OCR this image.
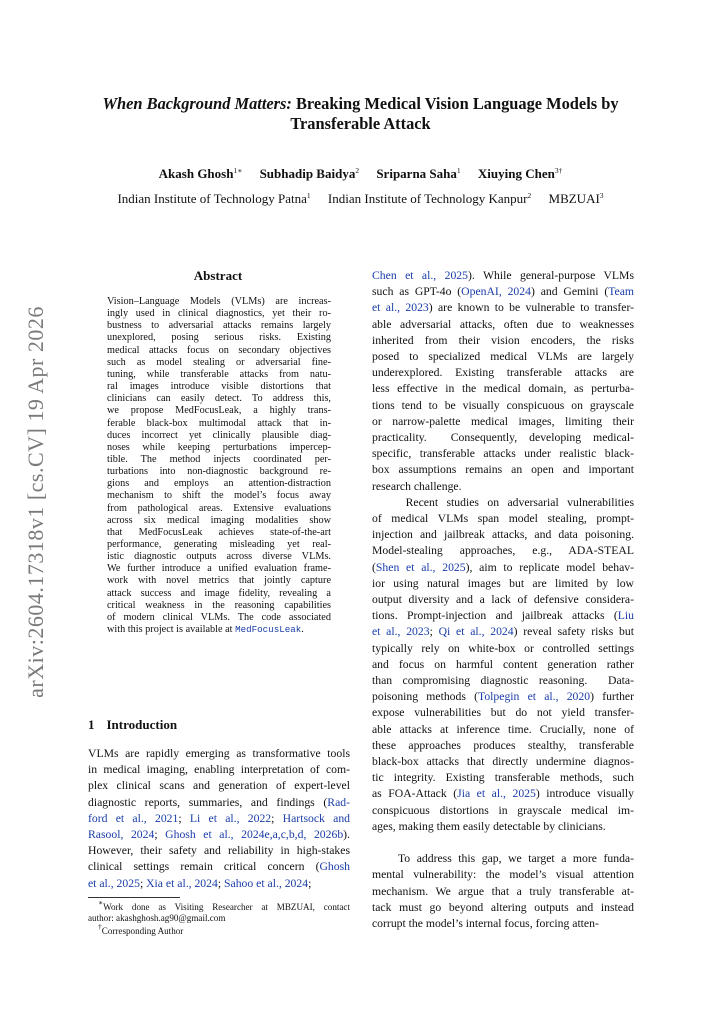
arXiv:2604.17318v1 [cs.CV] 19 Apr 2026
When Background Matters: Breaking Medical Vision Language Models by
Transferable Attack
Akash Ghosh$^{1∗}$ Subhadip Baidya$^2$ Sriparna Saha$^1$ Xiuying Chen$^{3\dagger}$
Indian Institute of Technology Patna$^1$ Indian Institute of Technology Kanpur$^2$ MBZUAI$^3$
Abstract
Vision–Language Models (VLMs) are increas-
ingly used in clinical diagnostics, yet their ro-
bustness to adversarial attacks remains largely
unexplored, posing serious risks. Existing
medical attacks focus on secondary objectives
such as model stealing or adversarial fine-
tuning, while transferable attacks from natu-
ral images introduce visible distortions that
clinicians can easily detect. To address this,
we propose MedFocusLeak, a highly trans-
ferable black-box multimodal attack that in-
duces incorrect yet clinically plausible diag-
noses while keeping perturbations impercep-
tible. The method injects coordinated per-
turbations into non-diagnostic background re-
gions and employs an attention-distraction
mechanism to shift the model’s focus away
from pathological areas. Extensive evaluations
across six medical imaging modalities show
that MedFocusLeak achieves state-of-the-art
performance, generating misleading yet real-
istic diagnostic outputs across diverse VLMs.
We further introduce a unified evaluation frame-
work with novel metrics that jointly capture
attack success and image fidelity, revealing a
critical weakness in the reasoning capabilities
of modern clinical VLMs. The code associated
with this project is available at MedFocusLeak.
1 Introduction
VLMs are rapidly emerging as transformative tools
in medical imaging, enabling interpretation of com-
plex clinical scans and generation of expert-level
diagnostic reports, summaries, and findings (Rad-
ford et al., 2021; Li et al., 2022; Hartsock and
Rasool, 2024; Ghosh et al., 2024e,a,c,b,d, 2026b).
However, their safety and reliability in high-stakes
clinical settings remain critical concern (Ghosh
et al., 2025; Xia et al., 2024; Sahoo et al., 2024;
Chen et al., 2025). While general-purpose VLMs
such as GPT-4o (OpenAI, 2024) and Gemini (Team
et al., 2023) are known to be vulnerable to transfer-
able adversarial attacks, often due to weaknesses
inherited from their vision encoders, the risks
posed to specialized medical VLMs are largely
underexplored. Existing transferable attacks are
less effective in the medical domain, as perturba-
tions tend to be visually conspicuous on grayscale
or narrow-palette medical images, limiting their
practicality.  Consequently, developing medical-
specific, transferable attacks under realistic black-
box assumptions remains an open and important
research challenge.
Recent studies on adversarial vulnerabilities
of medical VLMs span model stealing, prompt-
injection and jailbreak attacks, and data poisoning.
Model-stealing approaches, e.g., ADA-STEAL
(Shen et al., 2025), aim to replicate model behav-
ior using natural images but are limited by low
output diversity and a lack of defensive considera-
tions. Prompt-injection and jailbreak attacks (Liu
et al., 2023; Qi et al., 2024) reveal safety risks but
typically rely on white-box or controlled settings
and focus on harmful content generation rather
than compromising diagnostic reasoning.  Data-
poisoning methods (Tolpegin et al., 2020) further
expose vulnerabilities but do not yield transfer-
able attacks at inference time. Crucially, none of
these approaches produces stealthy, transferable
black-box attacks that directly undermine diagnos-
tic integrity. Existing transferable methods, such
as FOA-Attack (Jia et al., 2025) introduce visually
conspicuous distortions in grayscale medical im-
ages, making them easily detectable by clinicians.
To address this gap, we target a more funda-
mental vulnerability: the model’s visual attention
mechanism. We argue that a truly transferable at-
tack must go beyond altering outputs and instead
corrupt the model’s internal focus, forcing atten-
∗Work done as Visiting Researcher at MBZUAI, contact
author: akashghosh.ag90@gmail.com
†Corresponding Author
